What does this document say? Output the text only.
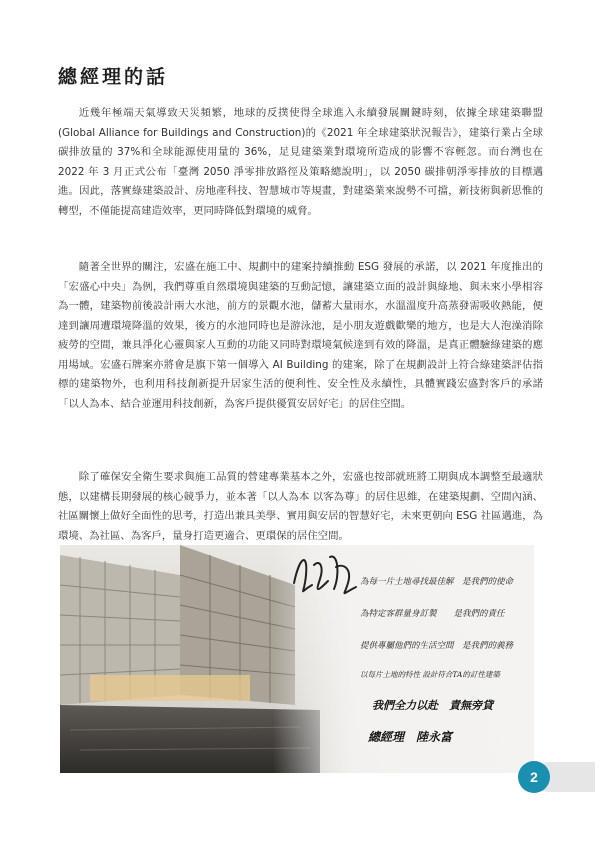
總經理的話

近幾年極端天氣導致天災頻繁，地球的反撲使得全球進入永續發展關鍵時刻，依據全球建築聯盟(Global Alliance for Buildings and Construction)的《2021 年全球建築狀況報告》，建築行業占全球碳排放量的 37%和全球能源使用量的 36%，足見建築業對環境所造成的影響不容輕忽。而台灣也在 2022 年 3 月正式公布「臺灣 2050 淨零排放路徑及策略總說明」，以 2050 碳排朝淨零排放的目標邁進。因此，落實綠建築設計、房地產科技、智慧城市等規畫，對建築業來說勢不可擋，新技術與新思惟的轉型，不僅能提高建造效率，更同時降低對環境的威脅。

隨著全世界的關注，宏盛在施工中、規劃中的建案持續推動 ESG 發展的承諾，以 2021 年度推出的「宏盛心中央」為例，我們尊重自然環境與建築的互動記憶，讓建築立面的設計與綠地、與未來小學相容為一體，建築物前後設計兩大水池，前方的景觀水池，儲蓄大量雨水，水溫溫度升高蒸發需吸收熱能，便達到讓周遭環境降溫的效果，後方的水池同時也是游泳池，是小朋友遊戲歡樂的地方，也是大人泡澡消除疲勞的空間，兼具淨化心靈與家人互動的功能又同時對環境氣候達到有效的降溫，是真正體驗綠建築的應用場域。宏盛石牌案亦將會是旗下第一個導入 AI Building 的建案，除了在規劃設計上符合綠建築評估指標的建築物外，也利用科技創新提升居家生活的便利性、安全性及永續性，具體實踐宏盛對客戶的承諾「以人為本、結合並運用科技創新，為客戶提供優質安居好宅」的居住空間。

除了確保安全衛生要求與施工品質的營建專業基本之外，宏盛也按部就班將工期與成本調整至最適狀態，以建構長期發展的核心競爭力，並本著「以人為本 以客為尊」的居住思維，在建築規劃、空間內涵、社區關懷上做好全面性的思考，打造出兼具美學、實用與安居的智慧好宅，未來更朝向 ESG 社區邁進，為環境、為社區、為客戶，量身打造更適合、更環保的居住空間。

為每一片土地尋找最佳解　是我們的使命
為特定客群量身訂製　　是我們的責任
提供專屬他們的生活空間　是我們的義務
以每片土地的特性 設計符合TA的訂性建築
我們全力以赴　責無旁貸
總經理　陸永富
2
